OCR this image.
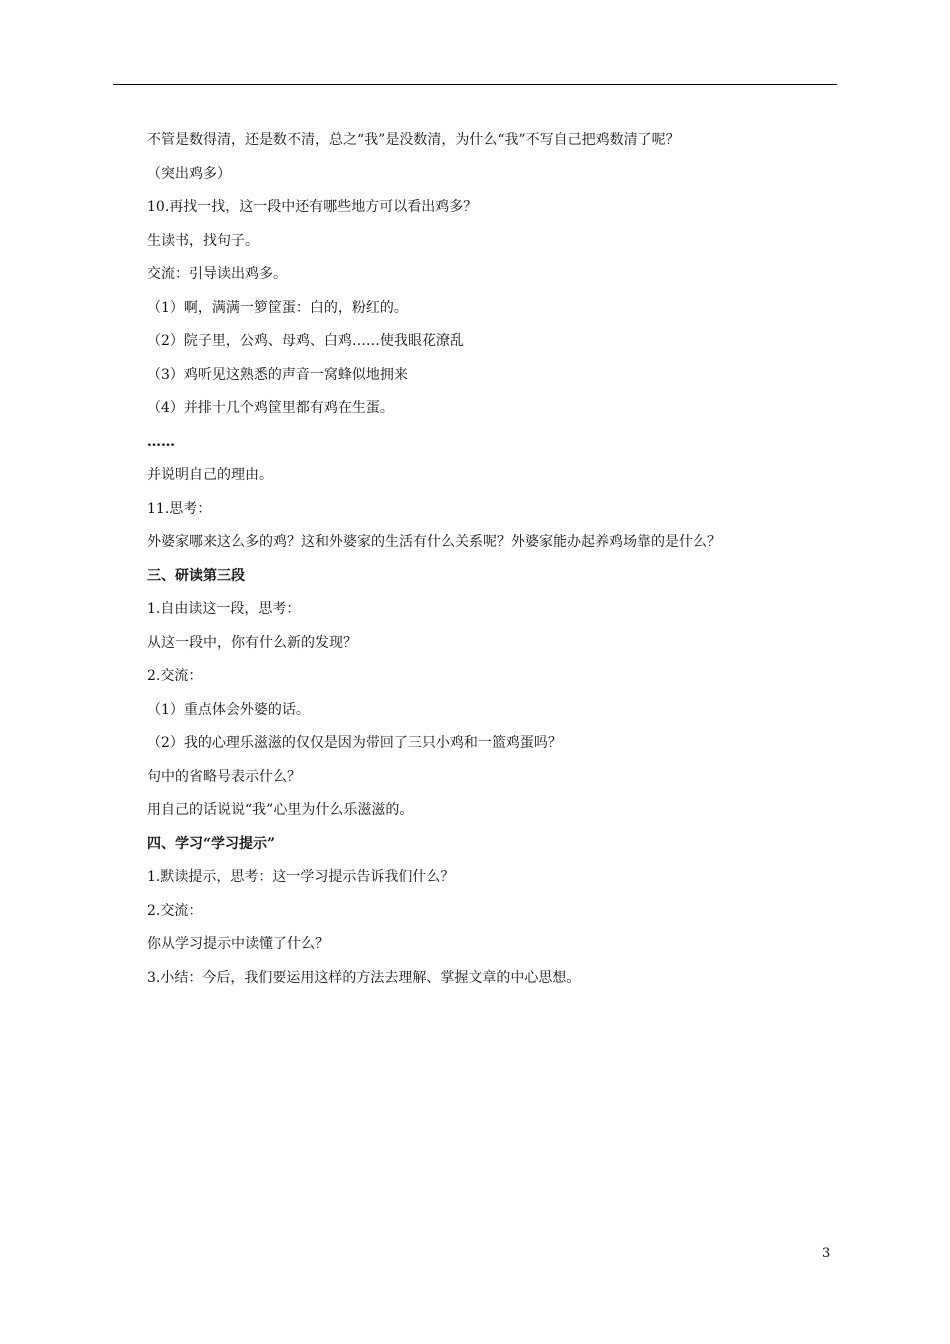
不管是数得清，还是数不清，总之“我”是没数清，为什么“我”不写自己把鸡数清了呢？
（突出鸡多）
10.再找一找，这一段中还有哪些地方可以看出鸡多？
生读书，找句子。
交流：引导读出鸡多。
（1）啊，满满一箩筐蛋：白的，粉红的。
（2）院子里，公鸡、母鸡、白鸡……使我眼花潦乱
（3）鸡听见这熟悉的声音一窝蜂似地拥来
（4）并排十几个鸡筐里都有鸡在生蛋。
……
并说明自己的理由。
11.思考：
外婆家哪来这么多的鸡？这和外婆家的生活有什么关系呢？外婆家能办起养鸡场靠的是什么？
三、研读第三段
1.自由读这一段，思考：
从这一段中，你有什么新的发现？
2.交流：
（1）重点体会外婆的话。
（2）我的心理乐滋滋的仅仅是因为带回了三只小鸡和一篮鸡蛋吗？
句中的省略号表示什么？
用自己的话说说“我”心里为什么乐滋滋的。
四、学习“学习提示”
1.默读提示，思考：这一学习提示告诉我们什么？
2.交流：
你从学习提示中读懂了什么？
3.小结：今后，我们要运用这样的方法去理解、掌握文章的中心思想。
3
